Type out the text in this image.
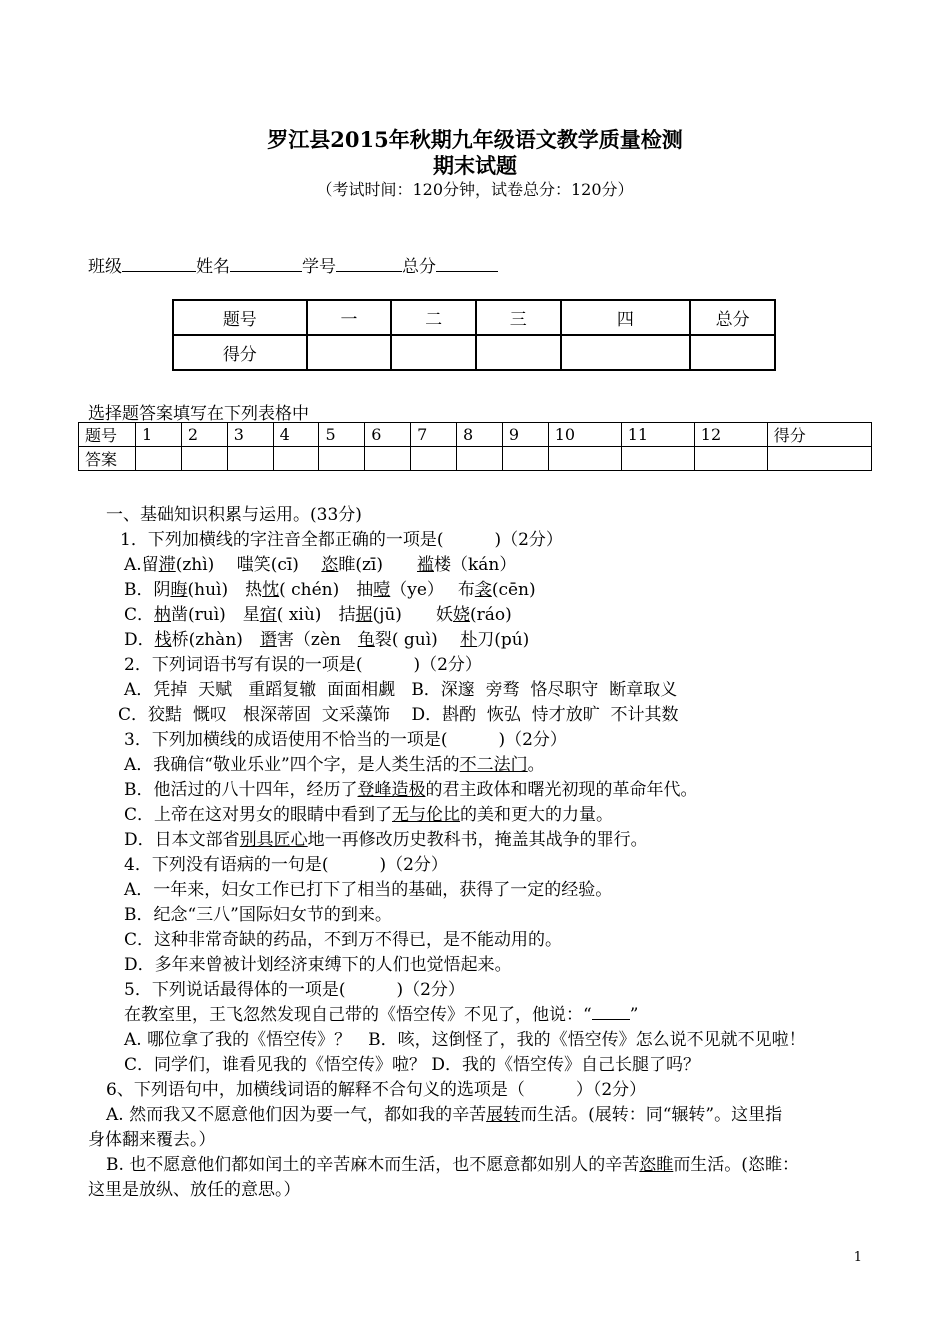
罗江县2015年秋期九年级语文教学质量检测
期末试题
（考试时间：120分钟，试卷总分：120分）
班级	姓名	学号	总分
题号	一	二	三	四	总分
得分					
选择题答案填写在下列表格中
题号	1	2	3	4	5	6	7	8	9	10	11	12	得分
答案													
一、基础知识积累与运用。(33分)
1．下列加横线的字注音全都正确的一项是(　　　)（2分）
A.留滞(zhì)　 嗤笑(cī)　 恣睢(zī)　　褴楼（kán）
B．阴晦(huì)　热忱( chén)　抽噎（ye）　 布衾(cēn)
C．枘凿(ruì)　星宿( xiù)　拮据(jū)　　妖娆(ráo)
D．栈桥(zhàn)　谮害（zèn　龟裂( guì)　 朴刀(pú)
2．下列词语书写有误的一项是(　　　)（2分）
A．凭掉  天赋   重蹈复辙  面面相觑   B．深邃  旁骛  恪尽职守  断章取义
C．狡黠  慨叹   根深蒂固  文采藻饰    D．斟酌  恢弘  恃才放旷  不计其数
3．下列加横线的成语使用不恰当的一项是(　　　)（2分）
A．我确信“敬业乐业”四个字，是人类生活的不二法门。
B．他活过的八十四年，经历了登峰造极的君主政体和曙光初现的革命年代。
C．上帝在这对男女的眼睛中看到了无与伦比的美和更大的力量。
D．日本文部省别具匠心地一再修改历史教科书，掩盖其战争的罪行。
4．下列没有语病的一句是(　　　)（2分）
A．一年来，妇女工作已打下了相当的基础，获得了一定的经验。
B．纪念“三八”国际妇女节的到来。
C．这种非常奇缺的药品，不到万不得已，是不能动用的。
D．多年来曾被计划经济束缚下的人们也觉悟起来。
5．下列说话最得体的一项是(　　　)（2分）
在教室里，王飞忽然发现自己带的《悟空传》不见了，他说：“ ”
A. 哪位拿了我的《悟空传》？　B．咳，这倒怪了，我的《悟空传》怎么说不见就不见啦！
C．同学们，谁看见我的《悟空传》啦？ D．我的《悟空传》自己长腿了吗？
6、下列语句中，加横线词语的解释不合句义的选项是（　　　）（2分）
A. 然而我又不愿意他们因为要一气，都如我的辛苦展转而生活。(展转：同“辗转”。这里指
身体翻来覆去。）
B. 也不愿意他们都如闰土的辛苦麻木而生活，也不愿意都如别人的辛苦恣睢而生活。(恣睢：
这里是放纵、放任的意思。）
1
